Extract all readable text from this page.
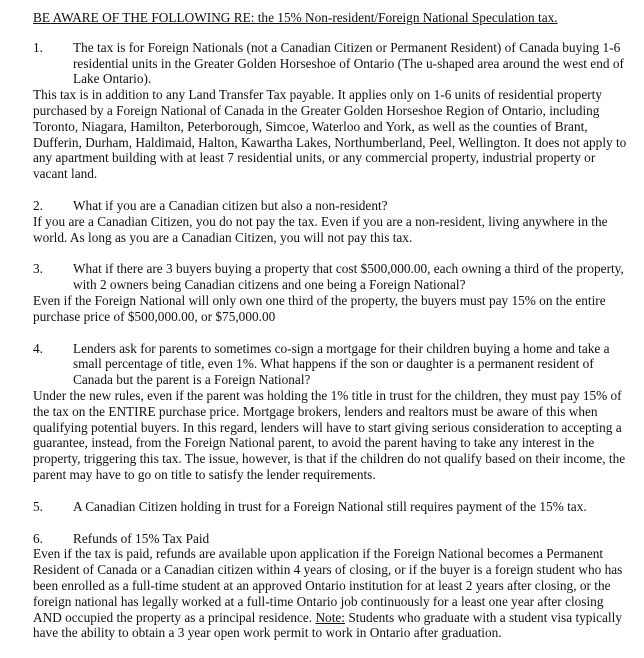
BE AWARE OF THE FOLLOWING RE: the 15% Non-resident/Foreign National Speculation tax.
1.	The tax is for Foreign Nationals (not a Canadian Citizen or Permanent Resident) of Canada buying 1-6 residential units in the Greater Golden Horseshoe of Ontario (The u-shaped area around the west end of Lake Ontario).

This tax is in addition to any Land Transfer Tax payable. It applies only on 1-6 units of residential property purchased by a Foreign National of Canada in the Greater Golden Horseshoe Region of Ontario, including Toronto, Niagara, Hamilton, Peterborough, Simcoe, Waterloo and York, as well as the counties of Brant, Dufferin, Durham, Haldimaid, Halton, Kawartha Lakes, Northumberland, Peel, Wellington. It does not apply to any apartment building with at least 7 residential units, or any commercial property, industrial property or vacant land.

2.	What if you are a Canadian citizen but also a non-resident?

If you are a Canadian Citizen, you do not pay the tax. Even if you are a non-resident, living anywhere in the world. As long as you are a Canadian Citizen, you will not pay this tax.

3.	What if there are 3 buyers buying a property that cost $500,000.00, each owning a third of the property, with 2 owners being Canadian citizens and one being a Foreign National?

Even if the Foreign National will only own one third of the property, the buyers must pay 15% on the entire purchase price of $500,000.00, or $75,000.00

4.	Lenders ask for parents to sometimes co-sign a mortgage for their children buying a home and take a small percentage of title, even 1%. What happens if the son or daughter is a permanent resident of Canada but the parent is a Foreign National?

Under the new rules, even if the parent was holding the 1% title in trust for the children, they must pay 15% of the tax on the ENTIRE purchase price. Mortgage brokers, lenders and realtors must be aware of this when qualifying potential buyers. In this regard, lenders will have to start giving serious consideration to accepting a guarantee, instead, from the Foreign National parent, to avoid the parent having to take any interest in the property, triggering this tax. The issue, however, is that if the children do not qualify based on their income, the parent may have to go on title to satisfy the lender requirements.

5.	A Canadian Citizen holding in trust for a Foreign National still requires payment of the 15% tax.
6.	Refunds of 15% Tax Paid

Even if the tax is paid, refunds are available upon application if the Foreign National becomes a Permanent Resident of Canada or a Canadian citizen within 4 years of closing, or if the buyer is a foreign student who has been enrolled as a full-time student at an approved Ontario institution for at least 2 years after closing, or the foreign national has legally worked at a full-time Ontario job continuously for a least one year after closing AND occupied the property as a principal residence. Note: Students who graduate with a student visa typically have the ability to obtain a 3 year open work permit to work in Ontario after graduation.
